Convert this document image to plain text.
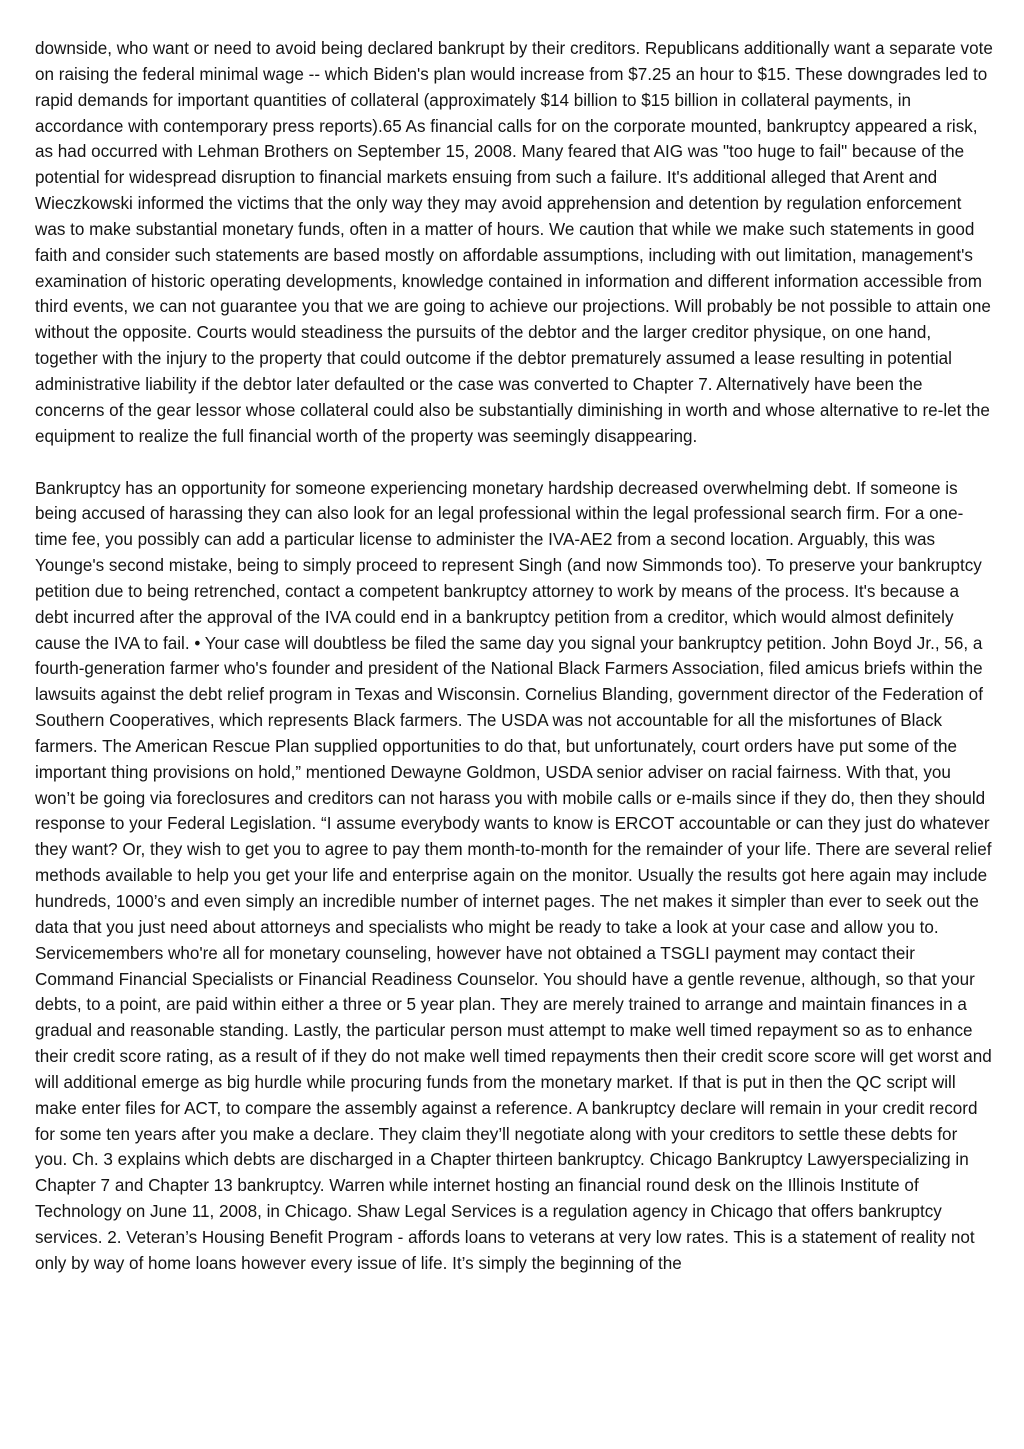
downside, who want or need to avoid being declared bankrupt by their creditors. Republicans additionally want a separate vote on raising the federal minimal wage -- which Biden's plan would increase from $7.25 an hour to $15. These downgrades led to rapid demands for important quantities of collateral (approximately $14 billion to $15 billion in collateral payments, in accordance with contemporary press reports).65 As financial calls for on the corporate mounted, bankruptcy appeared a risk, as had occurred with Lehman Brothers on September 15, 2008. Many feared that AIG was "too huge to fail" because of the potential for widespread disruption to financial markets ensuing from such a failure. It's additional alleged that Arent and Wieczkowski informed the victims that the only way they may avoid apprehension and detention by regulation enforcement was to make substantial monetary funds, often in a matter of hours. We caution that while we make such statements in good faith and consider such statements are based mostly on affordable assumptions, including with out limitation, management's examination of historic operating developments, knowledge contained in information and different information accessible from third events, we can not guarantee you that we are going to achieve our projections. Will probably be not possible to attain one without the opposite. Courts would steadiness the pursuits of the debtor and the larger creditor physique, on one hand, together with the injury to the property that could outcome if the debtor prematurely assumed a lease resulting in potential administrative liability if the debtor later defaulted or the case was converted to Chapter 7. Alternatively have been the concerns of the gear lessor whose collateral could also be substantially diminishing in worth and whose alternative to re-let the equipment to realize the full financial worth of the property was seemingly disappearing.

Bankruptcy has an opportunity for someone experiencing monetary hardship decreased overwhelming debt. If someone is being accused of harassing they can also look for an legal professional within the legal professional search firm. For a one-time fee, you possibly can add a particular license to administer the IVA-AE2 from a second location. Arguably, this was Younge's second mistake, being to simply proceed to represent Singh (and now Simmonds too). To preserve your bankruptcy petition due to being retrenched, contact a competent bankruptcy attorney to work by means of the process. It's because a debt incurred after the approval of the IVA could end in a bankruptcy petition from a creditor, which would almost definitely cause the IVA to fail. • Your case will doubtless be filed the same day you signal your bankruptcy petition. John Boyd Jr., 56, a fourth-generation farmer who's founder and president of the National Black Farmers Association, filed amicus briefs within the lawsuits against the debt relief program in Texas and Wisconsin. Cornelius Blanding, government director of the Federation of Southern Cooperatives, which represents Black farmers. The USDA was not accountable for all the misfortunes of Black farmers. The American Rescue Plan supplied opportunities to do that, but unfortunately, court orders have put some of the important thing provisions on hold,” mentioned Dewayne Goldmon, USDA senior adviser on racial fairness. With that, you won’t be going via foreclosures and creditors can not harass you with mobile calls or e-mails since if they do, then they should response to your Federal Legislation. “I assume everybody wants to know is ERCOT accountable or can they just do whatever they want? Or, they wish to get you to agree to pay them month-to-month for the remainder of your life. There are several relief methods available to help you get your life and enterprise again on the monitor. Usually the results got here again may include hundreds, 1000’s and even simply an incredible number of internet pages. The net makes it simpler than ever to seek out the data that you just need about attorneys and specialists who might be ready to take a look at your case and allow you to. Servicemembers who're all for monetary counseling, however have not obtained a TSGLI payment may contact their Command Financial Specialists or Financial Readiness Counselor. You should have a gentle revenue, although, so that your debts, to a point, are paid within either a three or 5 year plan. They are merely trained to arrange and maintain finances in a gradual and reasonable standing. Lastly, the particular person must attempt to make well timed repayment so as to enhance their credit score rating, as a result of if they do not make well timed repayments then their credit score score will get worst and will additional emerge as big hurdle while procuring funds from the monetary market. If that is put in then the QC script will make enter files for ACT, to compare the assembly against a reference. A bankruptcy declare will remain in your credit record for some ten years after you make a declare. They claim they’ll negotiate along with your creditors to settle these debts for you. Ch. 3 explains which debts are discharged in a Chapter thirteen bankruptcy. Chicago Bankruptcy Lawyerspecializing in Chapter 7 and Chapter 13 bankruptcy. Warren while internet hosting an financial round desk on the Illinois Institute of Technology on June 11, 2008, in Chicago. Shaw Legal Services is a regulation agency in Chicago that offers bankruptcy services. 2. Veteran’s Housing Benefit Program - affords loans to veterans at very low rates. This is a statement of reality not only by way of home loans however every issue of life. It’s simply the beginning of the
